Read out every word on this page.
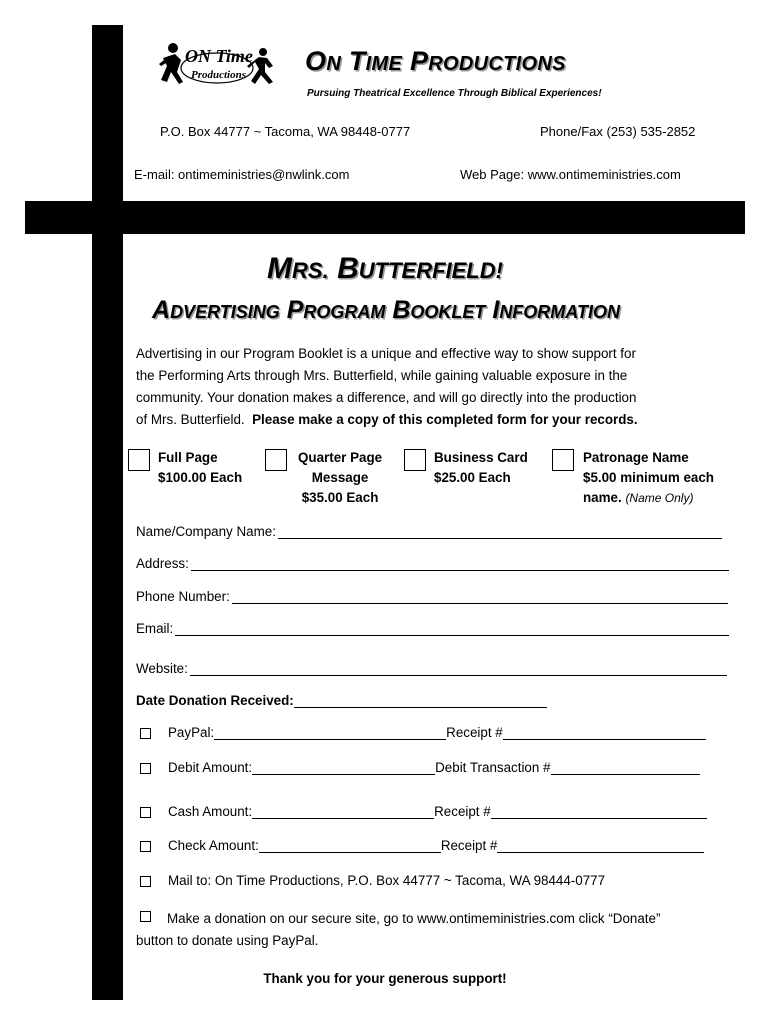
ON Time
Productions ON TIME PRODUCTIONS
Pursuing Theatrical Excellence Through Biblical Experiences!
P.O. Box 44777 ~ Tacoma, WA 98448-0777	Phone/Fax (253) 535-2852
E-mail: ontimeministries@nwlink.com	Web Page: www.ontimeministries.com
MRS. BUTTERFIELD!
ADVERTISING PROGRAM BOOKLET INFORMATION
Advertising in our Program Booklet is a unique and effective way to show support for
the Performing Arts through Mrs. Butterfield, while gaining valuable exposure in the
community. Your donation makes a difference, and will go directly into the production
of Mrs. Butterfield. Please make a copy of this completed form for your records.
Full Page
$100.00 Each
Quarter Page
Message
$35.00 Each
Business Card
$25.00 Each
Patronage Name
$5.00 minimum each
name. (Name Only)
Name/Company Name:
Address:
Phone Number:
Email:
Website:
Date Donation Received:
PayPal:	Receipt #
Debit Amount:	Debit Transaction #
Cash Amount:	Receipt #
Check Amount:	Receipt #
Mail to: On Time Productions, P.O. Box 44777 ~ Tacoma, WA 98444-0777
Make a donation on our secure site, go to www.ontimeministries.com click “Donate”
button to donate using PayPal.
Thank you for your generous support!
